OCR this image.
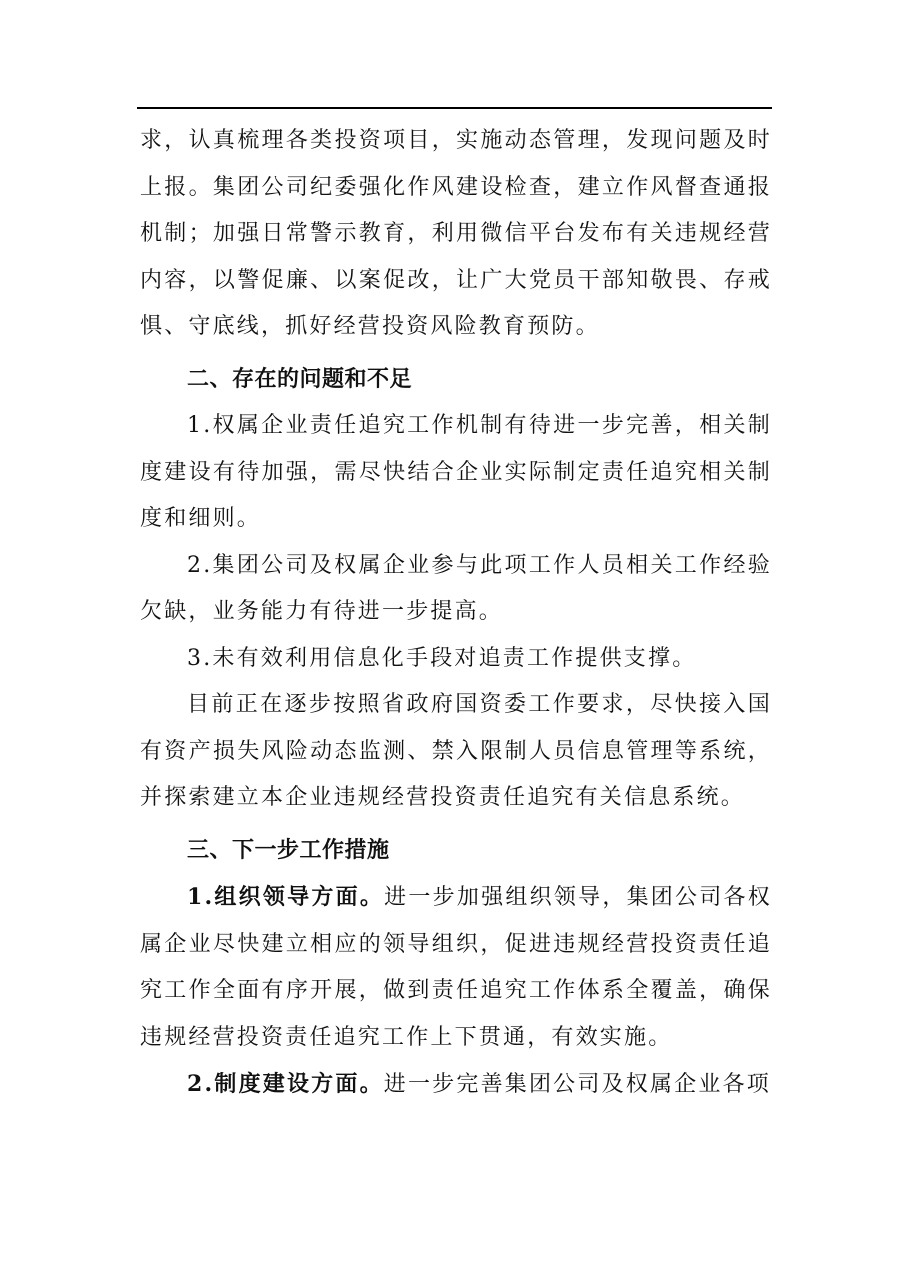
求，认真梳理各类投资项目，实施动态管理，发现问题及时上报。集团公司纪委强化作风建设检查，建立作风督查通报机制；加强日常警示教育，利用微信平台发布有关违规经营内容，以警促廉、以案促改，让广大党员干部知敬畏、存戒惧、守底线，抓好经营投资风险教育预防。

二、存在的问题和不足

1.权属企业责任追究工作机制有待进一步完善，相关制度建设有待加强，需尽快结合企业实际制定责任追究相关制度和细则。

2.集团公司及权属企业参与此项工作人员相关工作经验欠缺，业务能力有待进一步提高。

3.未有效利用信息化手段对追责工作提供支撑。

目前正在逐步按照省政府国资委工作要求，尽快接入国有资产损失风险动态监测、禁入限制人员信息管理等系统，并探索建立本企业违规经营投资责任追究有关信息系统。

三、下一步工作措施

1.组织领导方面。进一步加强组织领导，集团公司各权属企业尽快建立相应的领导组织，促进违规经营投资责任追究工作全面有序开展，做到责任追究工作体系全覆盖，确保违规经营投资责任追究工作上下贯通，有效实施。

2.制度建设方面。进一步完善集团公司及权属企业各项
